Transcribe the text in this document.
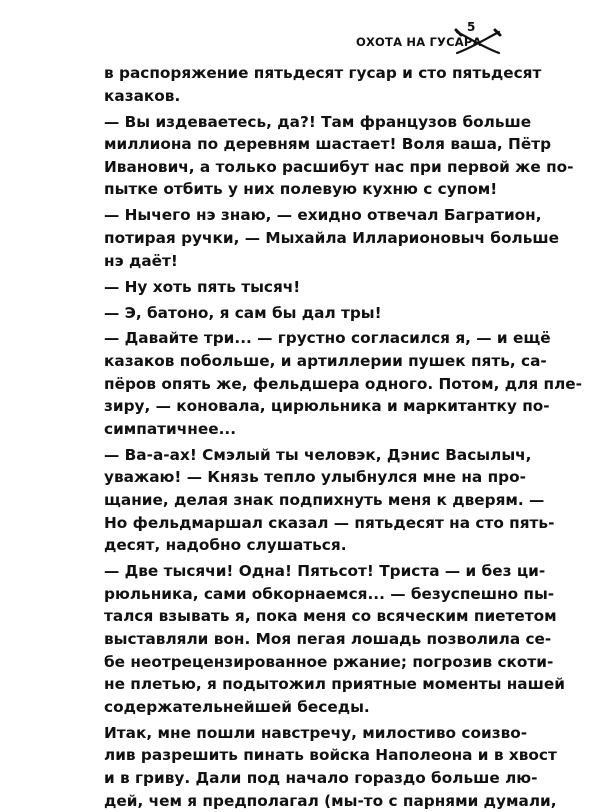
ОХОТА НА ГУСАРА
5
в распоряжение пятьдесят гусар и сто пятьдесят
казаков.
— Вы издеваетесь, да?! Там французов больше
миллиона по деревням шастает! Воля ваша, Пётр
Иванович, а только расшибут нас при первой же по-
пытке отбить у них полевую кухню с супом!
— Нычего нэ знаю, — ехидно отвечал Багратион,
потирая ручки, — Мыхайла Илларионовыч больше
нэ даёт!
— Ну хоть пять тысяч!
— Э, батоно, я сам бы дал тры!
— Давайте три... — грустно согласился я, — и ещё
казаков побольше, и артиллерии пушек пять, са-
пёров опять же, фельдшера одного. Потом, для пле-
зиру, — коновала, цирюльника и маркитантку по-
симпатичнее...
— Ва-а-ах! Смэлый ты человэк, Дэнис Васылыч,
уважаю! — Князь тепло улыбнулся мне на про-
щание, делая знак подпихнуть меня к дверям. —
Но фельдмаршал сказал — пятьдесят на сто пять-
десят, надобно слушаться.
— Две тысячи! Одна! Пятьсот! Триста — и без ци-
рюльника, сами обкорнаемся... — безуспешно пы-
тался взывать я, пока меня со всяческим пиететом
выставляли вон. Моя пегая лошадь позволила се-
бе неотрецензированное ржание; погрозив скоти-
не плетью, я подытожил приятные моменты нашей
содержательнейшей беседы.
Итак, мне пошли навстречу, милостиво соизво-
лив разрешить пинать войска Наполеона и в хвост
и в гриву. Дали под начало гораздо больше лю-
дей, чем я предполагал (мы-то с парнями думали,
